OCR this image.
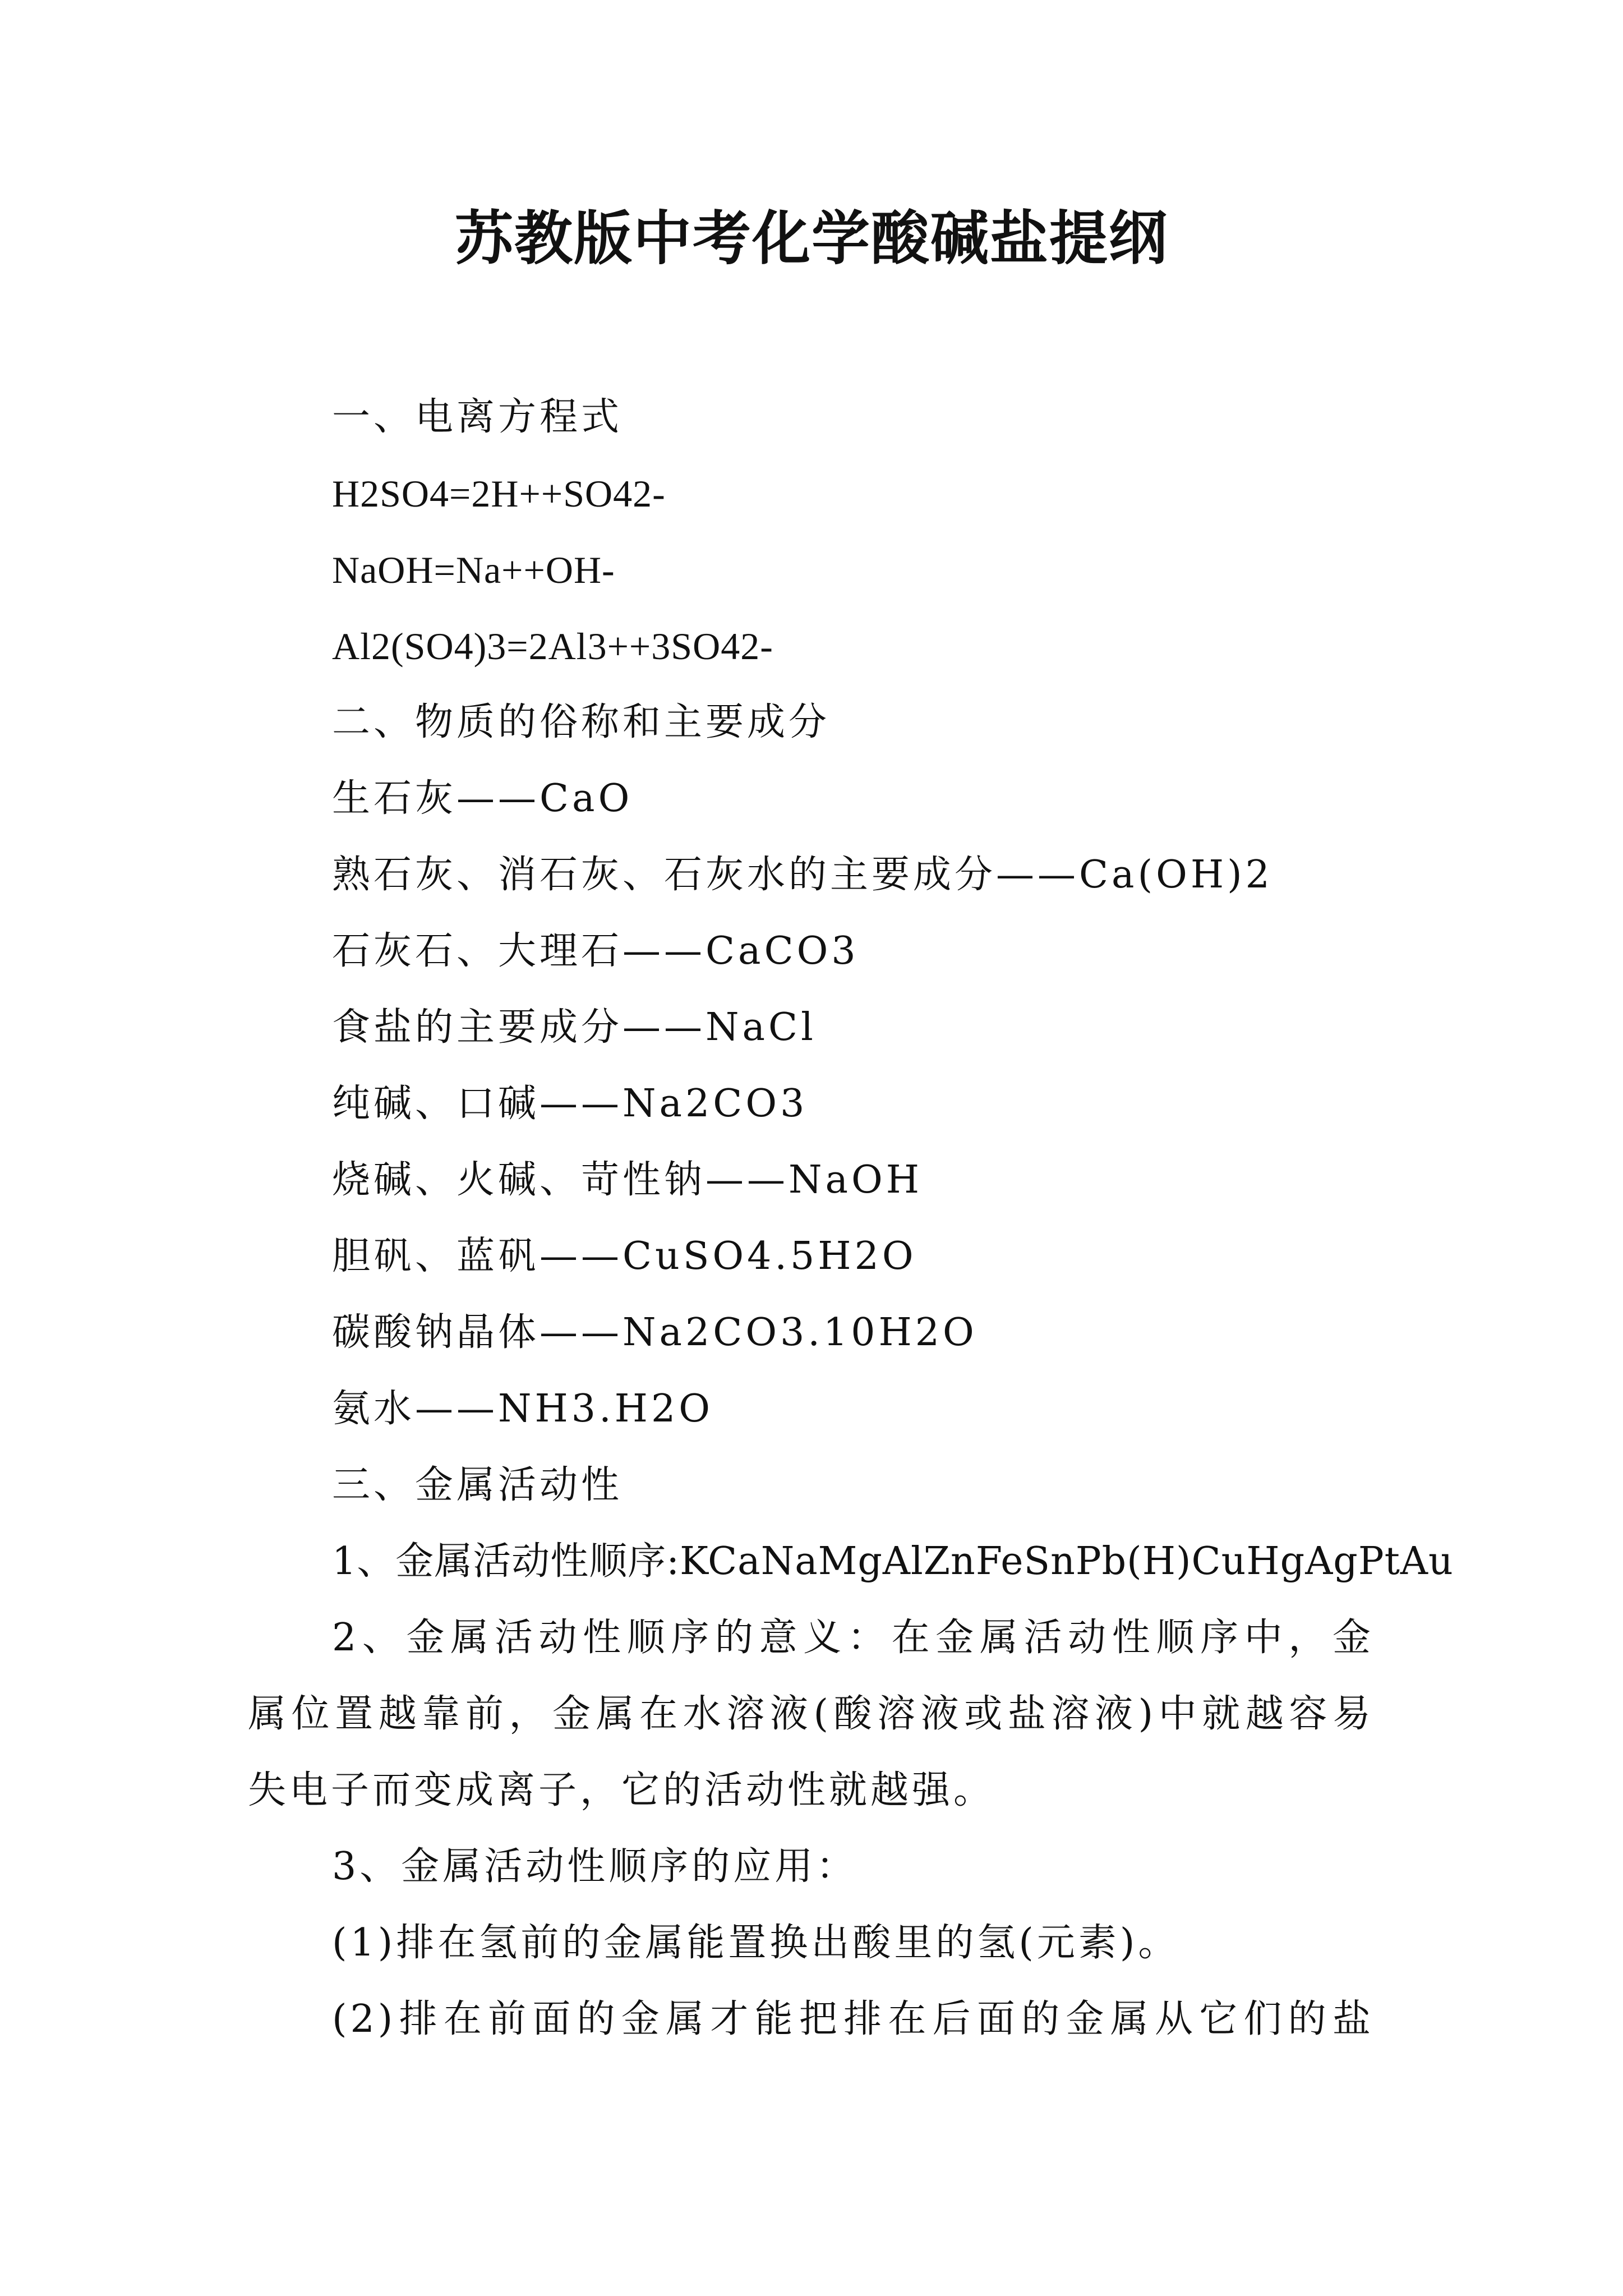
苏教版中考化学酸碱盐提纲
一、电离方程式
H2SO4=2H++SO42-
NaOH=Na++OH-
Al2(SO4)3=2Al3++3SO42-
二、物质的俗称和主要成分
生石灰——CaO
熟石灰、消石灰、石灰水的主要成分——Ca(OH)2
石灰石、大理石——CaCO3
食盐的主要成分——NaCl
纯碱、口碱——Na2CO3
烧碱、火碱、苛性钠——NaOH
胆矾、蓝矾——CuSO4.5H2O
碳酸钠晶体——Na2CO3.10H2O
氨水——NH3.H2O
三、金属活动性
1、金属活动性顺序:KCaNaMgAlZnFeSnPb(H)CuHgAgPtAu
2、金属活动性顺序的意义：在金属活动性顺序中，金
属位置越靠前，金属在水溶液(酸溶液或盐溶液)中就越容易
失电子而变成离子，它的活动性就越强。
3、金属活动性顺序的应用：
(1)排在氢前的金属能置换出酸里的氢(元素)。
(2)排在前面的金属才能把排在后面的金属从它们的盐
